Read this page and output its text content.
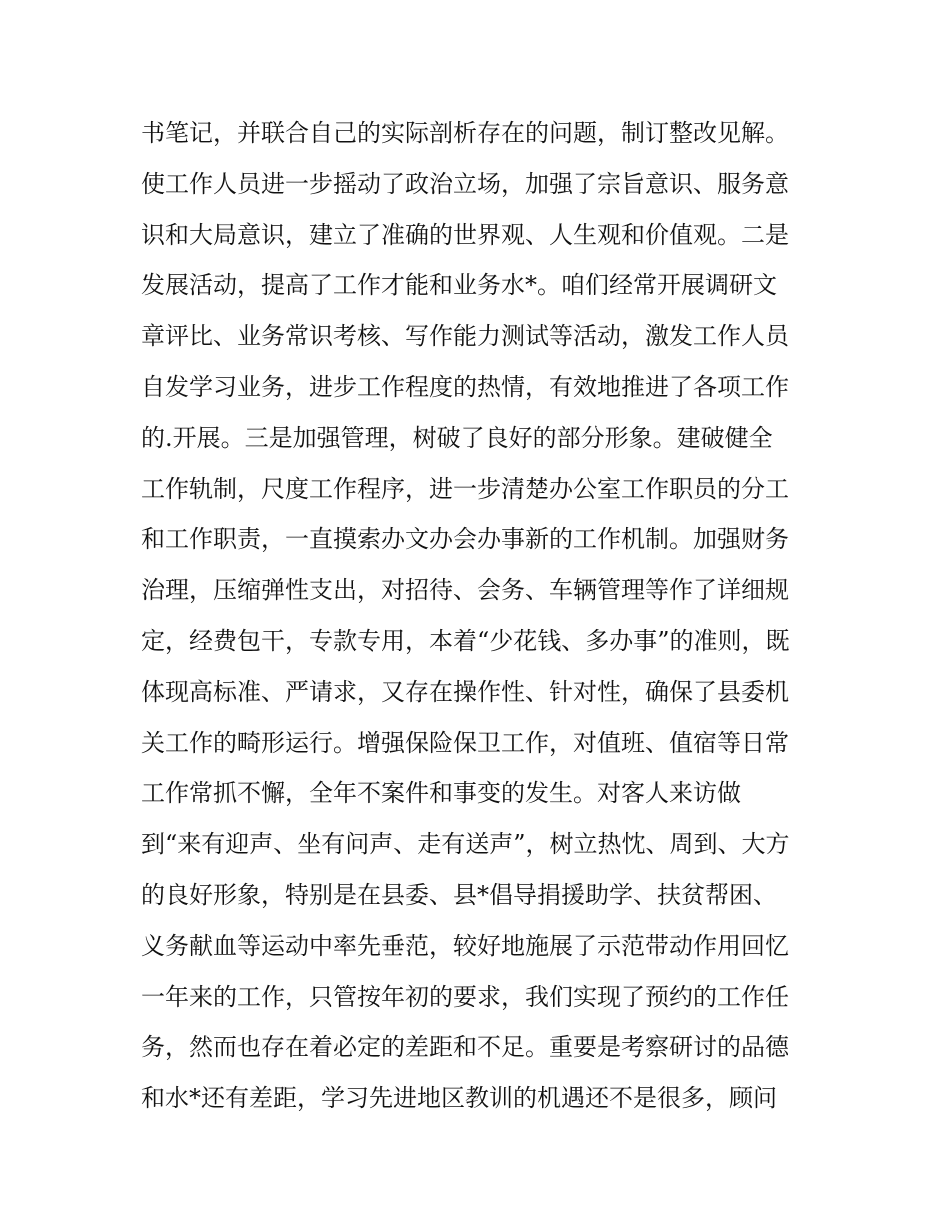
书笔记，并联合自己的实际剖析存在的问题，制订整改见解。
使工作人员进一步摇动了政治立场，加强了宗旨意识、服务意
识和大局意识，建立了准确的世界观、人生观和价值观。二是
发展活动，提高了工作才能和业务水*。咱们经常开展调研文
章评比、业务常识考核、写作能力测试等活动，激发工作人员
自发学习业务，进步工作程度的热情，有效地推进了各项工作
的.开展。三是加强管理，树破了良好的部分形象。建破健全
工作轨制，尺度工作程序，进一步清楚办公室工作职员的分工
和工作职责，一直摸索办文办会办事新的工作机制。加强财务
治理，压缩弹性支出，对招待、会务、车辆管理等作了详细规
定，经费包干，专款专用，本着“少花钱、多办事”的准则，既
体现高标准、严请求，又存在操作性、针对性，确保了县委机
关工作的畸形运行。增强保险保卫工作，对值班、值宿等日常
工作常抓不懈，全年不案件和事变的发生。对客人来访做
到“来有迎声、坐有问声、走有送声”，树立热忱、周到、大方
的良好形象，特别是在县委、县*倡导捐援助学、扶贫帮困、
义务献血等运动中率先垂范，较好地施展了示范带动作用回忆
一年来的工作，只管按年初的要求，我们实现了预约的工作任
务，然而也存在着必定的差距和不足。重要是考察研讨的品德
和水*还有差距，学习先进地区教训的机遇还不是很多，顾问
